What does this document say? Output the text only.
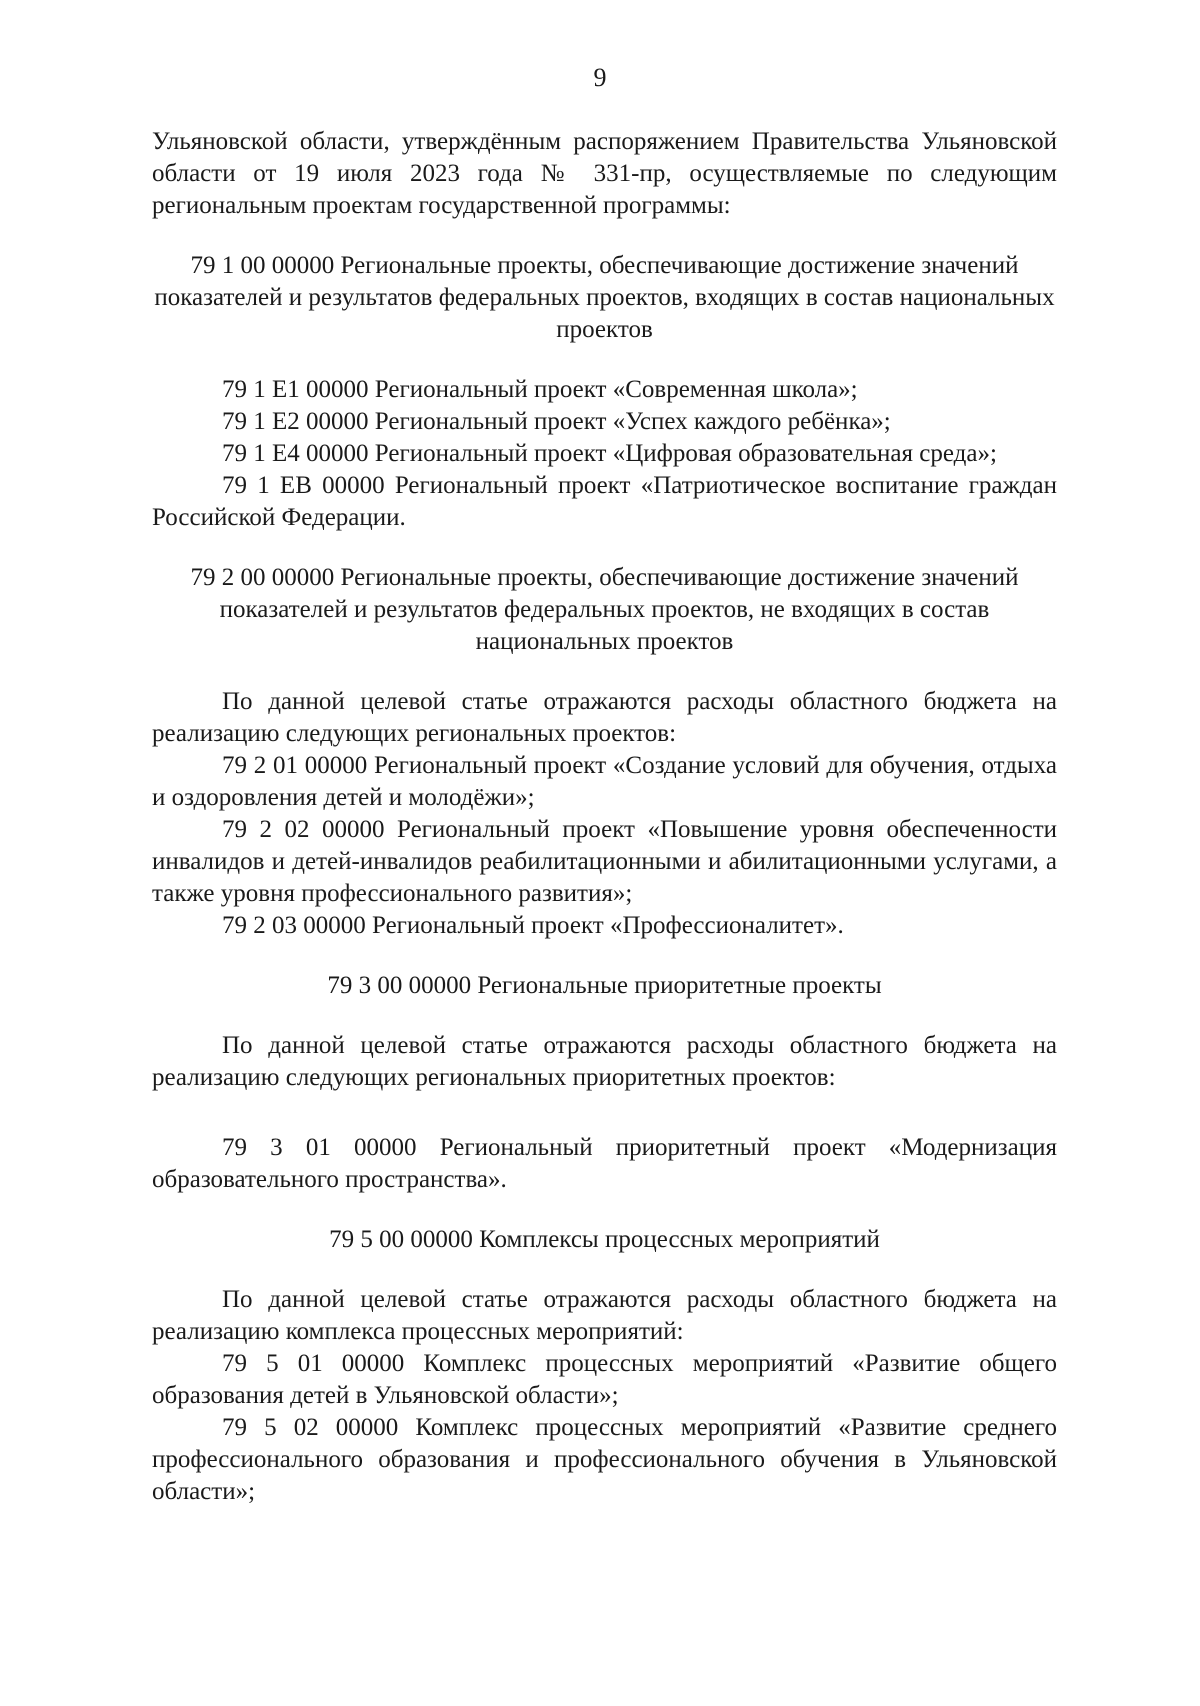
9

Ульяновской области, утверждённым распоряжением Правительства Ульяновской области от 19 июля 2023 года № 331-пр, осуществляемые по следующим региональным проектам государственной программы:

79 1 00 00000 Региональные проекты, обеспечивающие достижение значений показателей и результатов федеральных проектов, входящих в состав национальных проектов

79 1 Е1 00000 Региональный проект «Современная школа»;

79 1 Е2 00000 Региональный проект «Успех каждого ребёнка»;

79 1 Е4 00000 Региональный проект «Цифровая образовательная среда»;

79 1 ЕВ 00000 Региональный проект «Патриотическое воспитание граждан Российской Федерации.

79 2 00 00000 Региональные проекты, обеспечивающие достижение значений показателей и результатов федеральных проектов, не входящих в состав национальных проектов

По данной целевой статье отражаются расходы областного бюджета на реализацию следующих региональных проектов:

79 2 01 00000 Региональный проект «Создание условий для обучения, отдыха и оздоровления детей и молодёжи»;

79 2 02 00000 Региональный проект «Повышение уровня обеспеченности инвалидов и детей-инвалидов реабилитационными и абилитационными услугами, а также уровня профессионального развития»;

79 2 03 00000 Региональный проект «Профессионалитет».

79 3 00 00000 Региональные приоритетные проекты

По данной целевой статье отражаются расходы областного бюджета на реализацию следующих региональных приоритетных проектов:

79 3 01 00000 Региональный приоритетный проект «Модернизация образовательного пространства».

79 5 00 00000 Комплексы процессных мероприятий

По данной целевой статье отражаются расходы областного бюджета на реализацию комплекса процессных мероприятий:

79 5 01 00000 Комплекс процессных мероприятий «Развитие общего образования детей в Ульяновской области»;

79 5 02 00000 Комплекс процессных мероприятий «Развитие среднего профессионального образования и профессионального обучения в Ульяновской области»;
